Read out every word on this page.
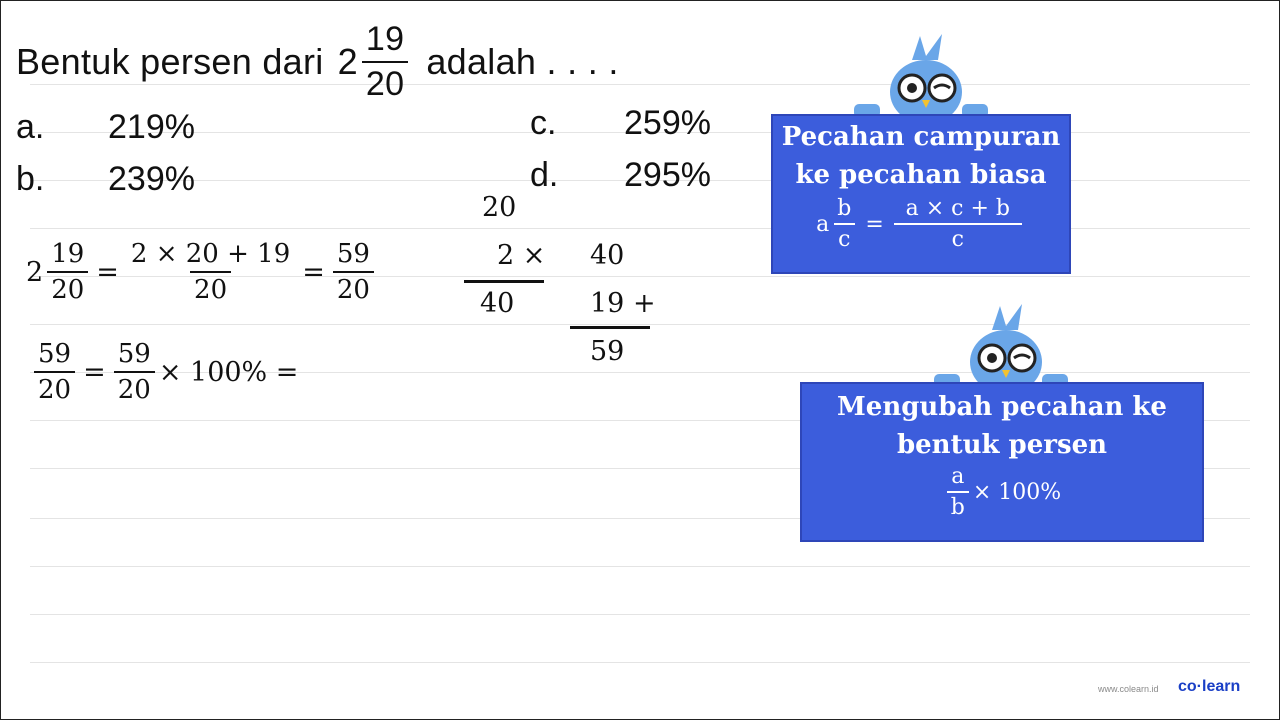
Bentuk persen dari $2 \frac{19}{20}$ adalah . . . .
a. 219%
b. 239%
c. 259%
d. 295%
$2 \frac{19}{20} = \frac{2 \times 20 + 19}{20} = \frac{59}{20}$
$\frac{59}{20} = \frac{59}{20} \times 100\%$ =
20
2 ×
40
40
19 +
59
Pecahan campuran
ke pecahan biasa
a $\frac{b}{c} = \frac{a \times c + b}{c}$
Mengubah pecahan ke
bentuk persen
$\frac{a}{b} \times 100\%$
www.colearn.id co·learn
